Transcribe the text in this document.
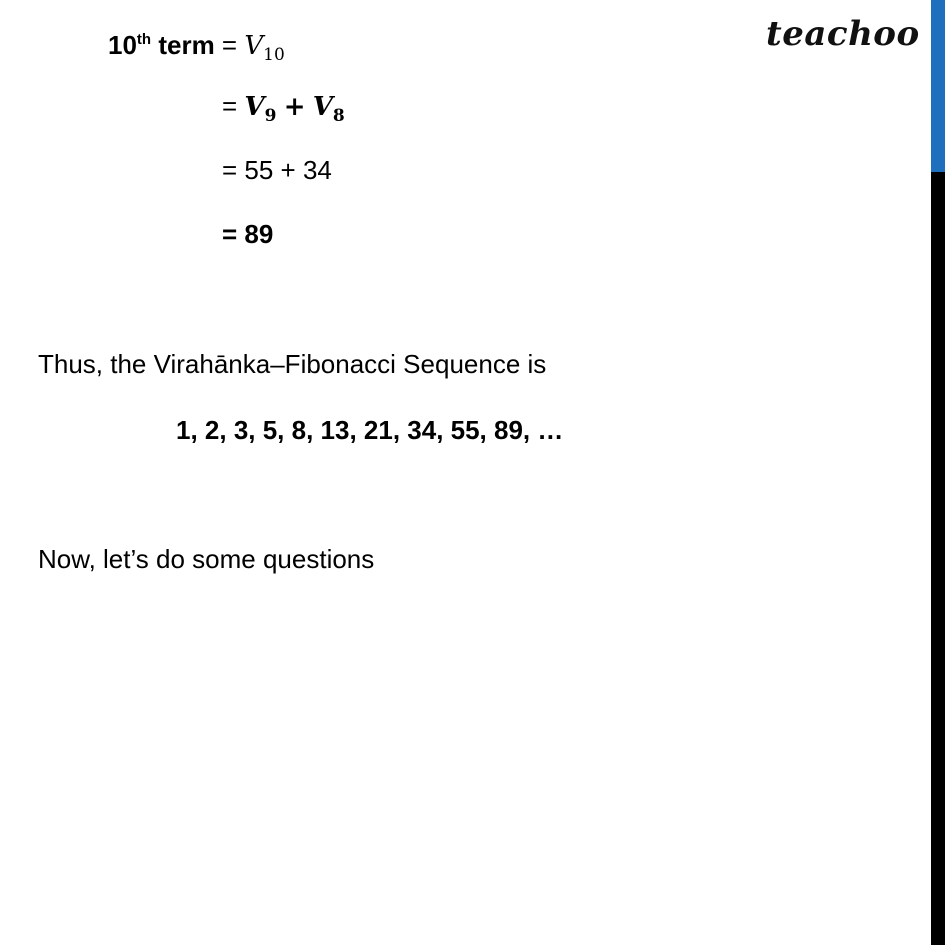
teachoo
10th term = $V_{10}$
= $V_9 + V_8$
= 55 + 34
= 89
Thus, the Virahānka–Fibonacci Sequence is
1, 2, 3, 5, 8, 13, 21, 34, 55, 89, …
Now, let’s do some questions
